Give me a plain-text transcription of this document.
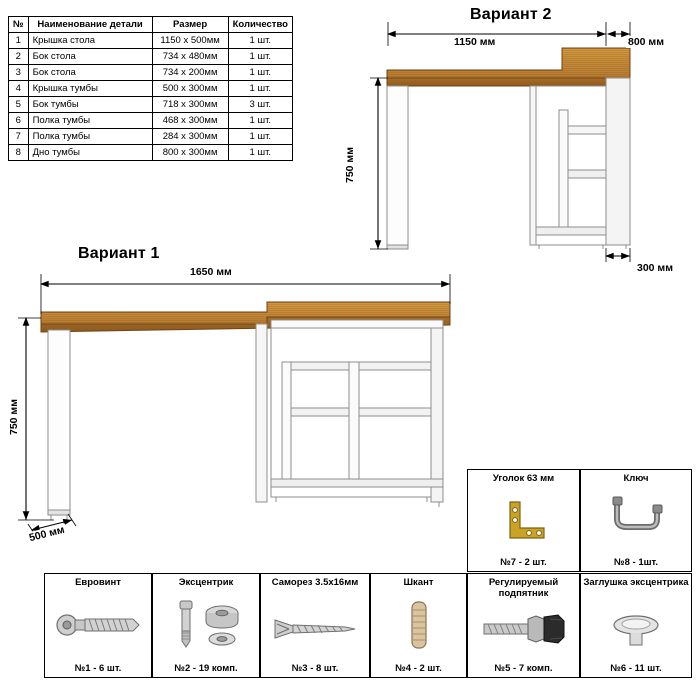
№	Наименование детали	Размер	Количество
1	Крышка стола	1150 x 500мм	1 шт.
2	Бок стола	734 x 480мм	1 шт.
3	Бок стола	734 x 200мм	1 шт.
4	Крышка тумбы	500 x 300мм	1 шт.
5	Бок тумбы	718 x 300мм	3 шт.
6	Полка тумбы	468 x 300мм	1 шт.
7	Полка тумбы	284 x 300мм	1 шт.
8	Дно тумбы	800 x 300мм	1 шт.
Вариант 2
1150 мм	800 мм
750 мм
300 мм
Вариант 1
1650 мм
750 мм
500 мм
Уголок 63 мм
№7 - 2 шт.
Ключ
№8 - 1шт.
Евровинт
№1 - 6 шт.
Эксцентрик
№2 - 19 комп.
Саморез 3.5x16мм
№3 - 8 шт.
Шкант
№4 - 2 шт.
Регулируемый подпятник
№5 - 7 комп.
Заглушка эксцентрика
№6 - 11 шт.
